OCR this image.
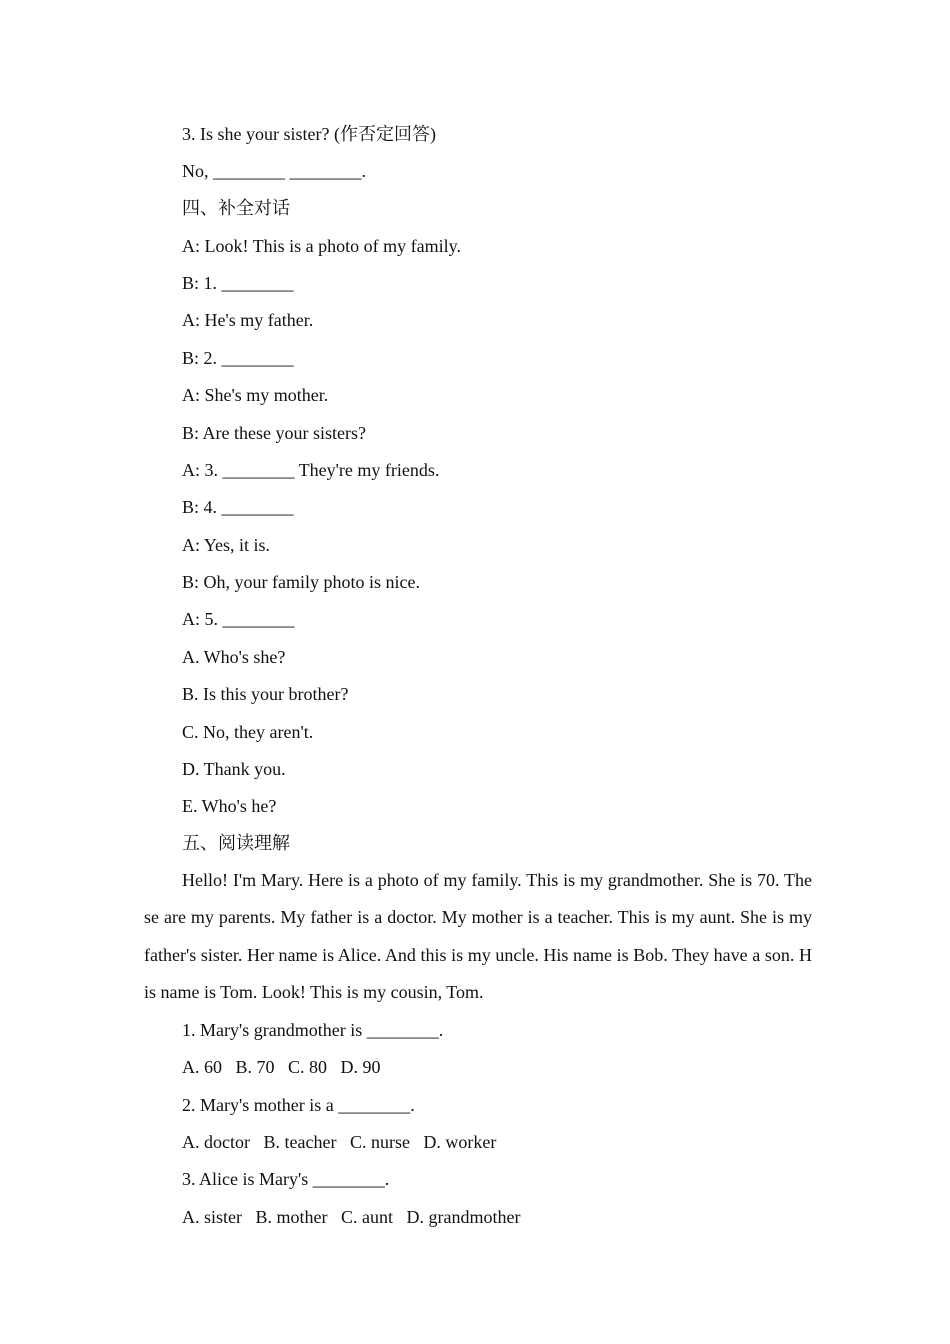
3. Is she your sister? (作否定回答)
No, ________ ________.
四、补全对话
A: Look! This is a photo of my family.
B: 1. ________
A: He's my father.
B: 2. ________
A: She's my mother.
B: Are these your sisters?
A: 3. ________ They're my friends.
B: 4. ________
A: Yes, it is.
B: Oh, your family photo is nice.
A: 5. ________
A. Who's she?
B. Is this your brother?
C. No, they aren't.
D. Thank you.
E. Who's he?
五、阅读理解
Hello! I'm Mary. Here is a photo of my family. This is my grandmother. She is 70. These are my parents. My father is a doctor. My mother is a teacher. This is my aunt. She is my father's sister. Her name is Alice. And this is my uncle. His name is Bob. They have a son. His name is Tom. Look! This is my cousin, Tom.
1. Mary's grandmother is ________.
A. 60   B. 70   C. 80   D. 90
2. Mary's mother is a ________.
A. doctor   B. teacher   C. nurse   D. worker
3. Alice is Mary's ________.
A. sister   B. mother   C. aunt   D. grandmother
